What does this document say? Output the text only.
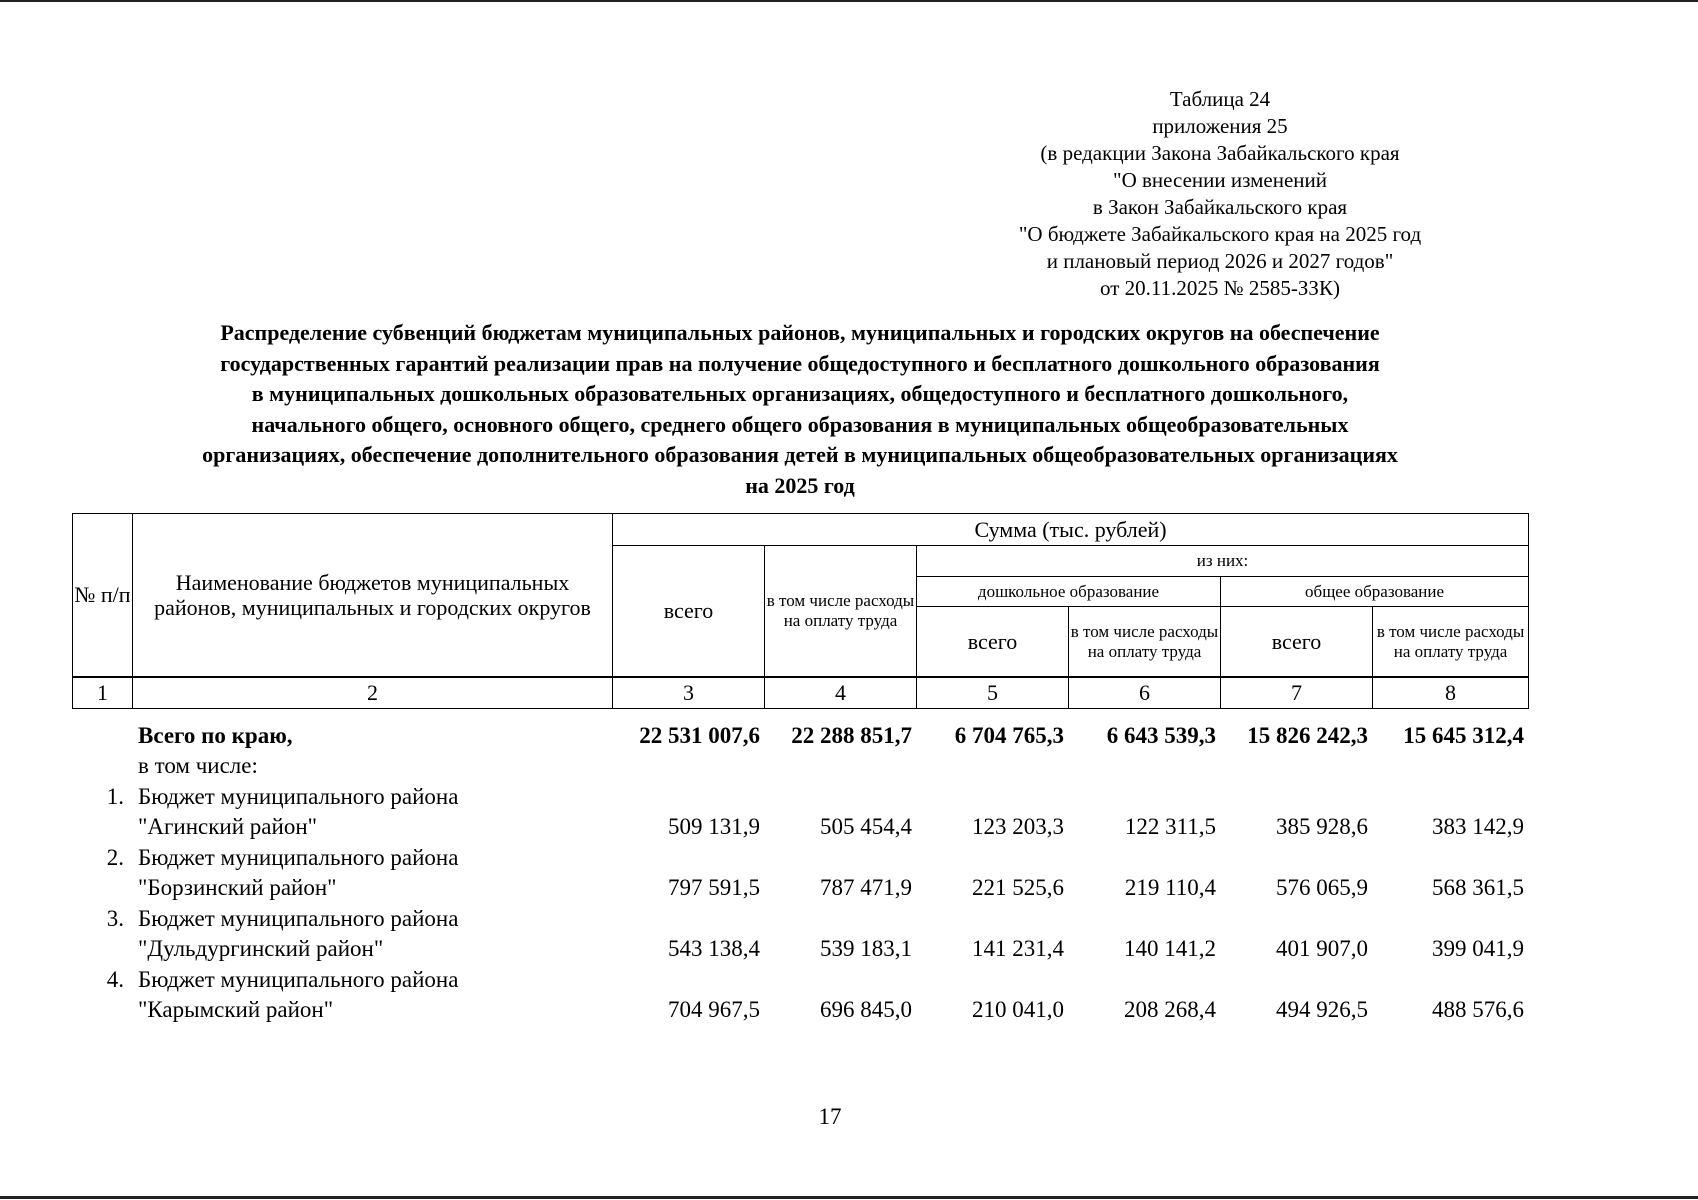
Таблица 24
приложения 25
(в редакции Закона Забайкальского края
"О внесении изменений
в Закон Забайкальского края
"О бюджете Забайкальского края на 2025 год
и плановый период 2026 и 2027 годов"
от 20.11.2025 № 2585-ЗЗК)
Распределение субвенций бюджетам муниципальных районов, муниципальных и городских округов на обеспечение
государственных гарантий реализации прав на получение общедоступного и бесплатного дошкольного образования
в муниципальных дошкольных образовательных организациях, общедоступного и бесплатного дошкольного,
начального общего, основного общего, среднего общего образования в муниципальных общеобразовательных
организациях, обеспечение дополнительного образования детей в муниципальных общеобразовательных организациях
на 2025 год
№ п/п	Наименование бюджетов муниципальных районов, муниципальных и городских округов	Сумма (тыс. рублей)					
		всего	в том числе расходы на оплату труда	из них:			
				дошкольное образование		общее образование	
				всего	в том числе расходы на оплату труда	всего	в том числе расходы на оплату труда

1	2	3	4	5	6	7	8
	Всего по краю,	22 531 007,6	22 288 851,7	6 704 765,3	6 643 539,3	15 826 242,3	15 645 312,4
	в том числе:						
1.	Бюджет муниципального района						
	"Агинский район"	509 131,9	505 454,4	123 203,3	122 311,5	385 928,6	383 142,9
2.	Бюджет муниципального района						
	"Борзинский район"	797 591,5	787 471,9	221 525,6	219 110,4	576 065,9	568 361,5
3.	Бюджет муниципального района						
	"Дульдургинский район"	543 138,4	539 183,1	141 231,4	140 141,2	401 907,0	399 041,9
4.	Бюджет муниципального района						
	"Карымский район"	704 967,5	696 845,0	210 041,0	208 268,4	494 926,5	488 576,6
17
